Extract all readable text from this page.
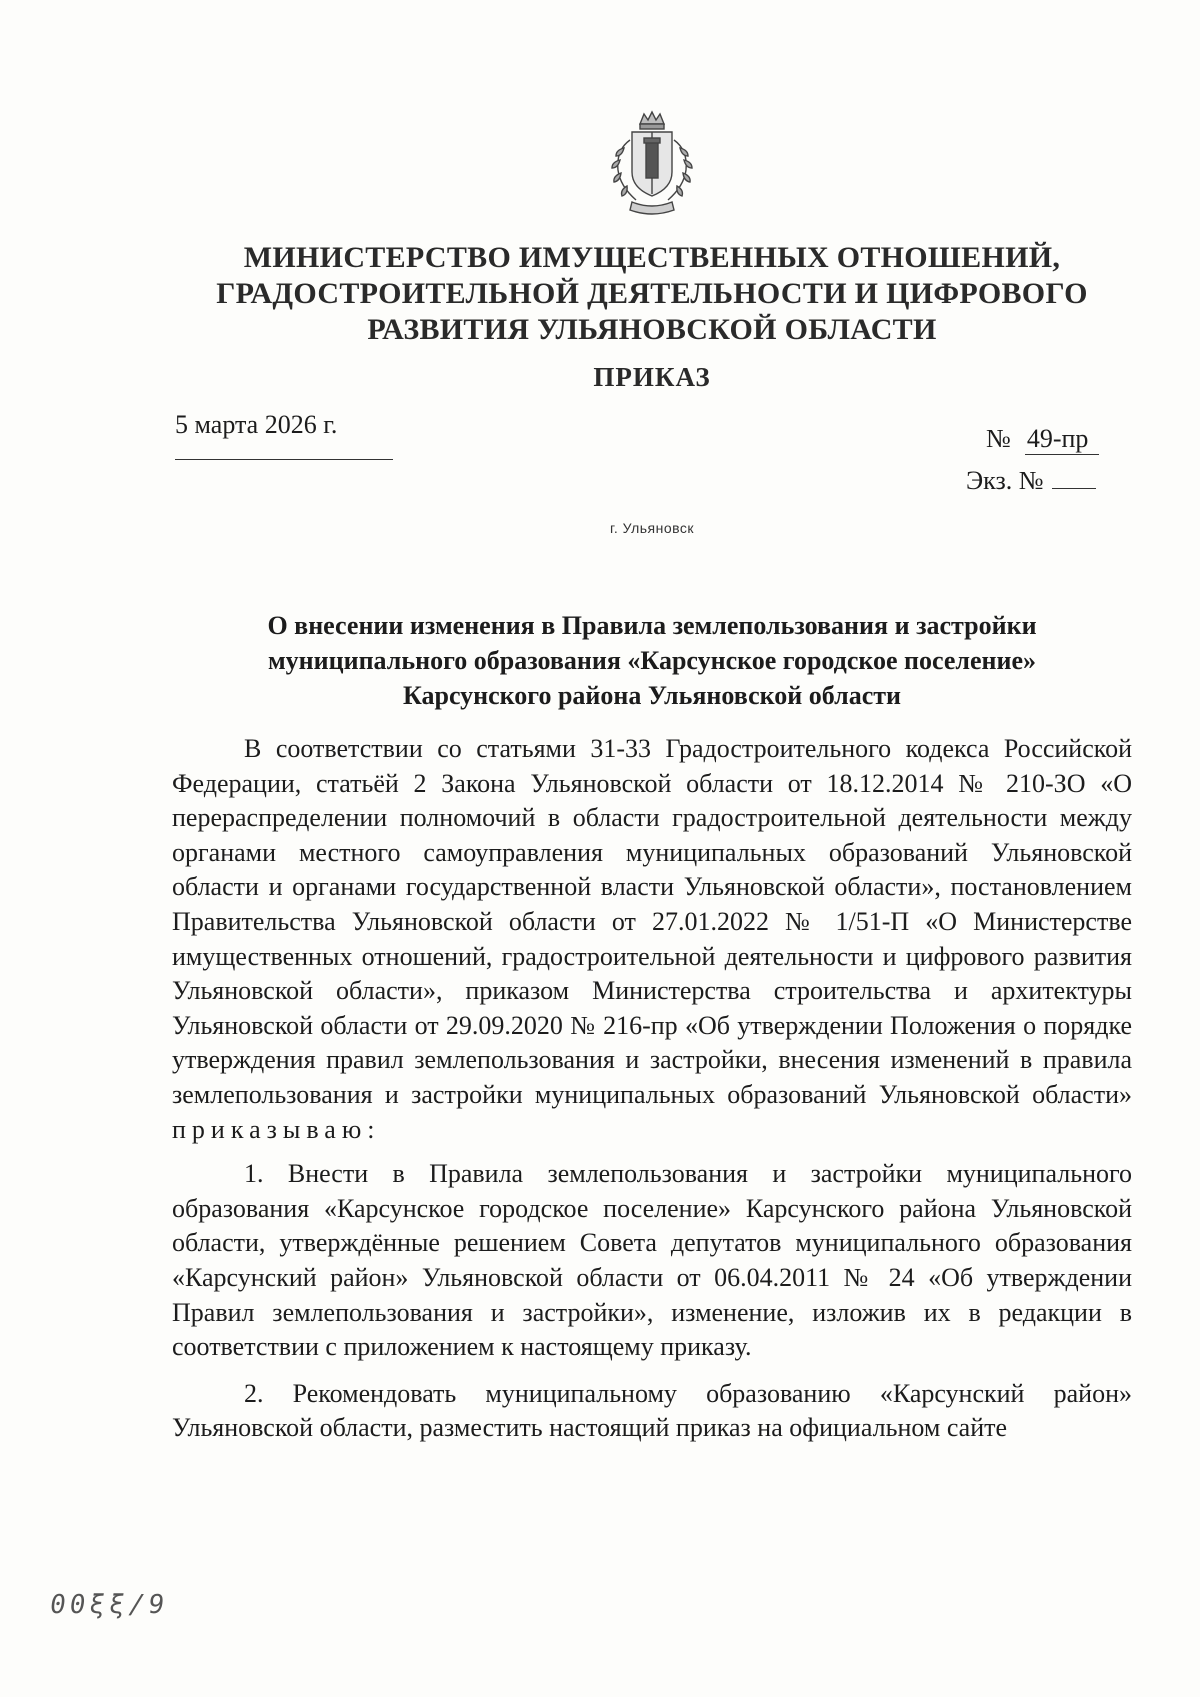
МИНИСТЕРСТВО ИМУЩЕСТВЕННЫХ ОТНОШЕНИЙ,
ГРАДОСТРОИТЕЛЬНОЙ ДЕЯТЕЛЬНОСТИ И ЦИФРОВОГО
РАЗВИТИЯ УЛЬЯНОВСКОЙ ОБЛАСТИ
ПРИКАЗ
5 марта 2026 г.	№ 49-пр
Экз. №
г. Ульяновск
О внесении изменения в Правила землепользования и застройки
муниципального образования «Карсунское городское поселение»
Карсунского района Ульяновской области

В соответствии со статьями 31-33 Градостроительного кодекса Российской Федерации, статьёй 2 Закона Ульяновской области от 18.12.2014 № 210-ЗО «О перераспределении полномочий в области градостроительной деятельности между органами местного самоуправления муниципальных образований Ульяновской области и органами государственной власти Ульяновской области», постановлением Правительства Ульяновской области от 27.01.2022 № 1/51-П «О Министерстве имущественных отношений, градостроительной деятельности и цифрового развития Ульяновской области», приказом Министерства строительства и архитектуры Ульяновской области от 29.09.2020 № 216-пр «Об утверждении Положения о порядке утверждения правил землепользования и застройки, внесения изменений в правила землепользования и застройки муниципальных образований Ульяновской области» приказываю:

1. Внести в Правила землепользования и застройки муниципального образования «Карсунское городское поселение» Карсунского района Ульяновской области, утверждённые решением Совета депутатов муниципального образования «Карсунский район» Ульяновской области от 06.04.2011 № 24 «Об утверждении Правил землепользования и застройки», изменение, изложив их в редакции в соответствии с приложением к настоящему приказу.

2. Рекомендовать муниципальному образованию «Карсунский район» Ульяновской области, разместить настоящий приказ на официальном сайте

00ξξ/9
